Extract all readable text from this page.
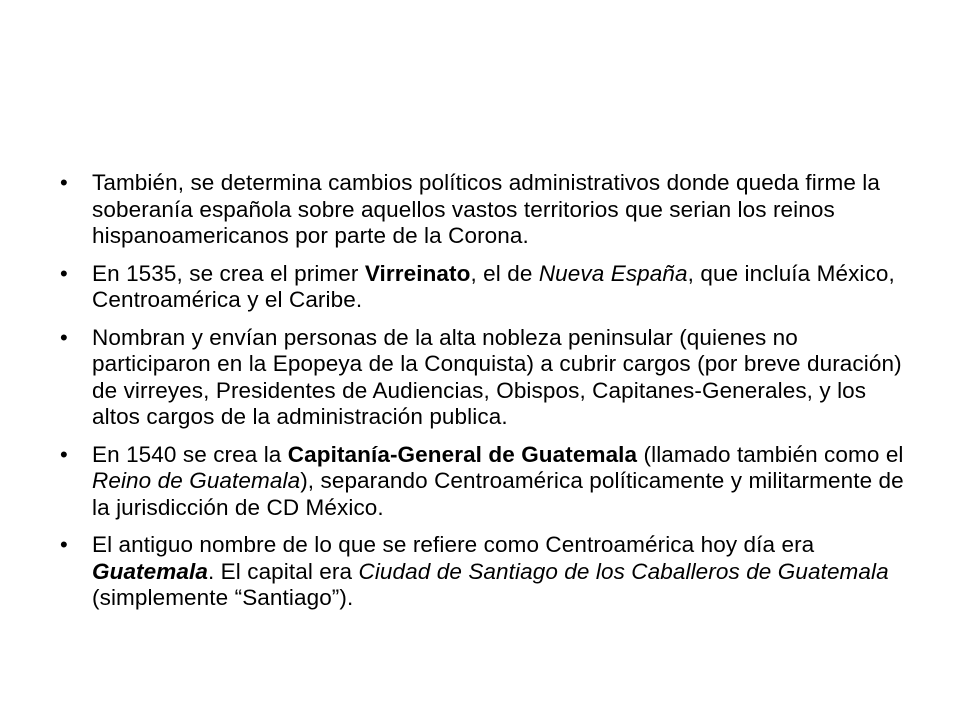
• También, se determina cambios políticos administrativos donde queda firme la soberanía española sobre aquellos vastos territorios que serian los reinos hispanoamericanos por parte de la Corona.
• En 1535, se crea el primer Virreinato, el de Nueva España, que incluía México, Centroamérica y el Caribe.
• Nombran y envían personas de la alta nobleza peninsular (quienes no participaron en la Epopeya de la Conquista) a cubrir cargos (por breve duración) de virreyes, Presidentes de Audiencias, Obispos, Capitanes-Generales, y los altos cargos de la administración publica.
• En 1540 se crea la Capitanía-General de Guatemala (llamado también como el Reino de Guatemala), separando Centroamérica políticamente y militarmente de la jurisdicción de CD México.
• El antiguo nombre de lo que se refiere como Centroamérica hoy día era Guatemala. El capital era Ciudad de Santiago de los Caballeros de Guatemala (simplemente “Santiago”).
